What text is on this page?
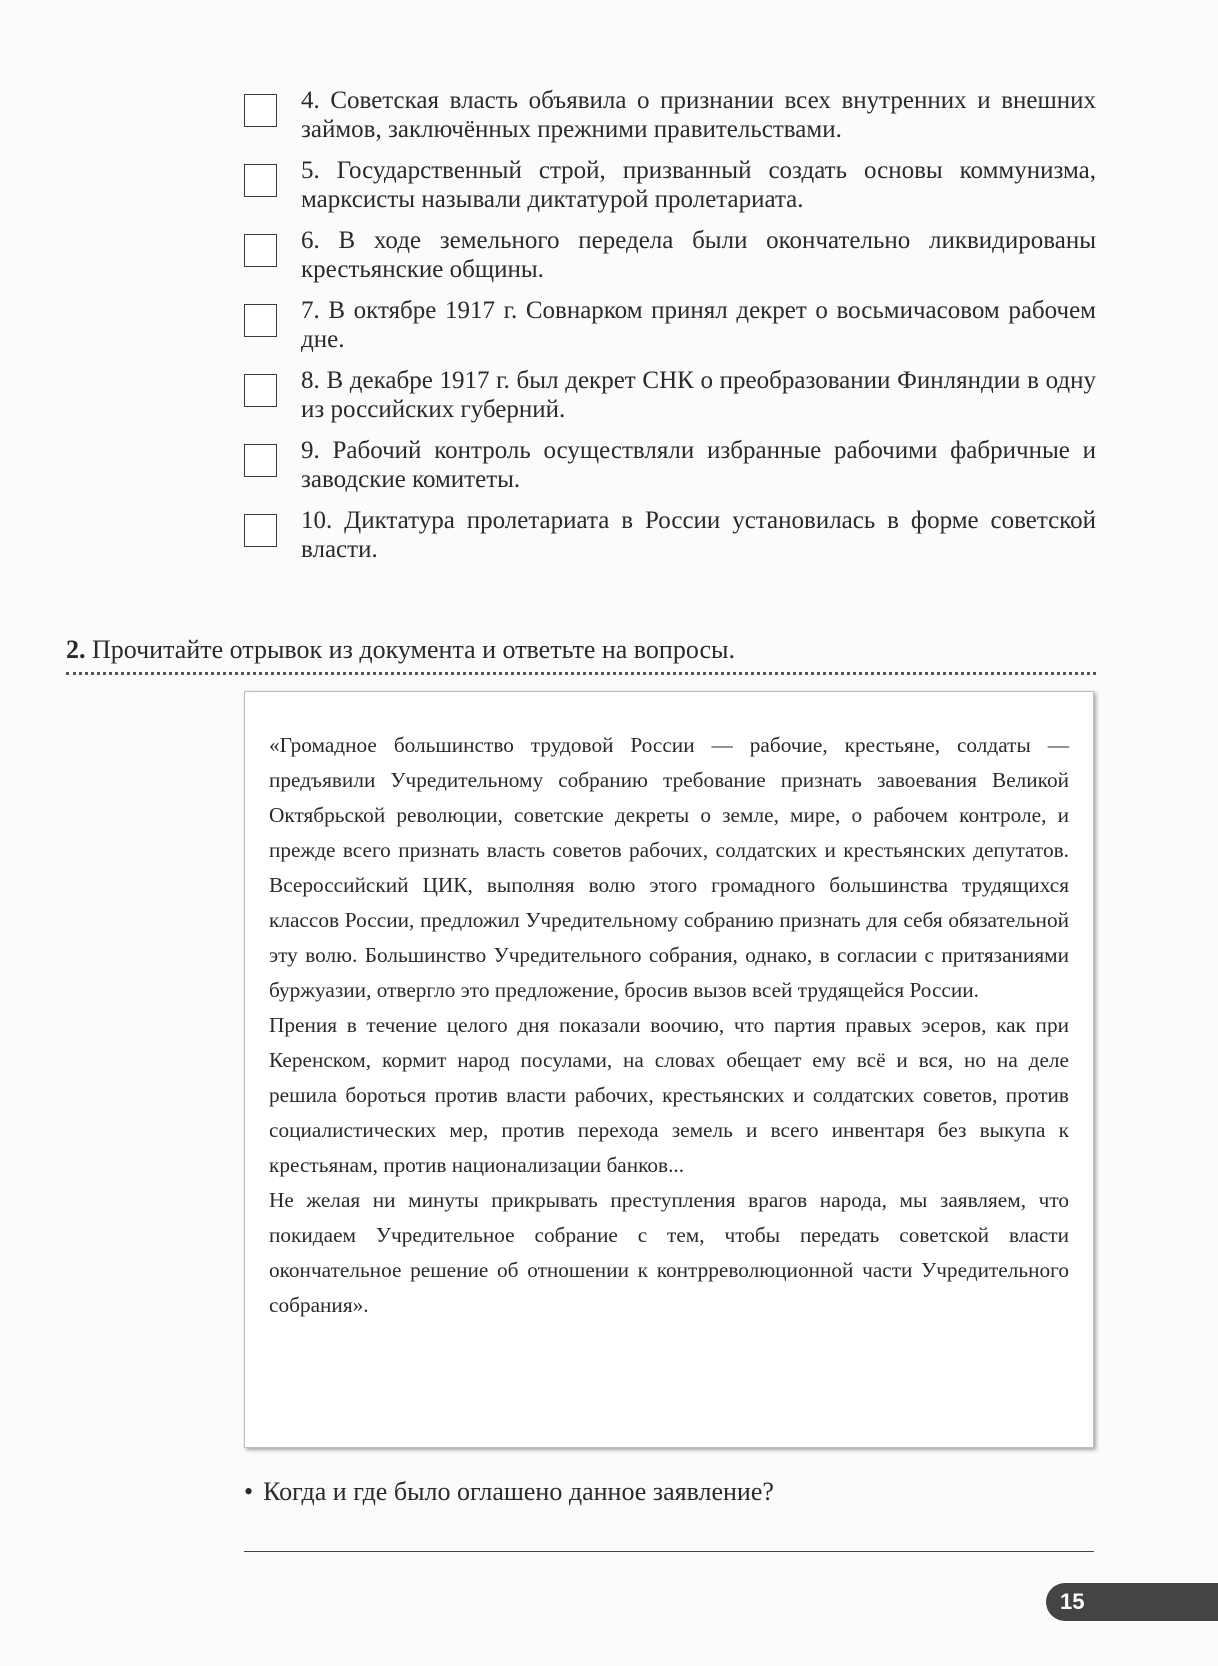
4. Советская власть объявила о признании всех внутренних и внешних займов, заключённых прежними правительствами.
5. Государственный строй, призванный создать основы коммунизма, марксисты называли диктатурой пролетариата.
6. В ходе земельного передела были окончательно ликвидированы крестьянские общины.
7. В октябре 1917 г. Совнарком принял декрет о восьмичасовом рабочем дне.
8. В декабре 1917 г. был декрет СНК о преобразовании Финляндии в одну из российских губерний.
9. Рабочий контроль осуществляли избранные рабочими фабричные и заводские комитеты.
10. Диктатура пролетариата в России установилась в форме советской власти.
2. Прочитайте отрывок из документа и ответьте на вопросы.

«Громадное большинство трудовой России — рабочие, крестьяне, солдаты — предъявили Учредительному собранию требование признать завоевания Великой Октябрьской революции, советские декреты о земле, мире, о рабочем контроле, и прежде всего признать власть советов рабочих, солдатских и крестьянских депутатов. Всероссийский ЦИК, выполняя волю этого громадного большинства трудящихся классов России, предложил Учредительному собранию признать для себя обязательной эту волю. Большинство Учредительного собрания, однако, в согласии с притязаниями буржуазии, отвергло это предложение, бросив вызов всей трудящейся России.

Прения в течение целого дня показали воочию, что партия правых эсеров, как при Керенском, кормит народ посулами, на словах обещает ему всё и вся, но на деле решила бороться против власти рабочих, крестьянских и солдатских советов, против социалистических мер, против перехода земель и всего инвентаря без выкупа к крестьянам, против национализации банков...

Не желая ни минуты прикрывать преступления врагов народа, мы заявляем, что покидаем Учредительное собрание с тем, чтобы передать советской власти окончательное решение об отношении к контрреволюционной части Учредительного собрания».

• Когда и где было оглашено данное заявление?
15
